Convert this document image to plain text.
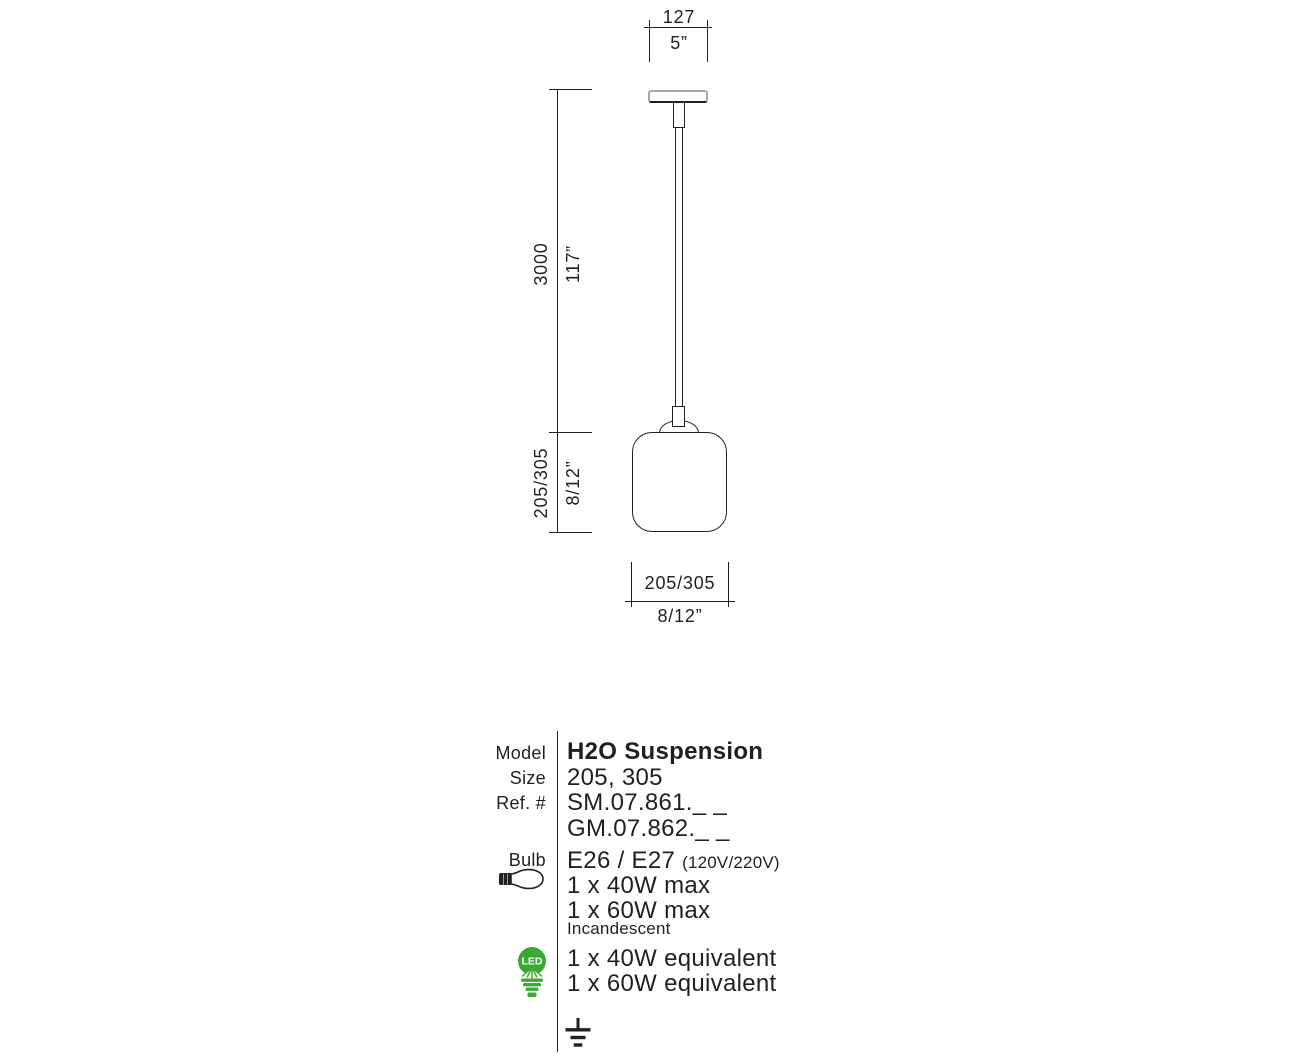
127
5”
3000 117”
205/305 8/12”
205/305
8/12”
Model
Size
Ref. #
Bulb
LED
H2O Suspension
205, 305
SM.07.861._ _
GM.07.862._ _
E26 / E27 (120V/220V)
1 x 40W max
1 x 60W max
Incandescent
1 x 40W equivalent
1 x 60W equivalent
